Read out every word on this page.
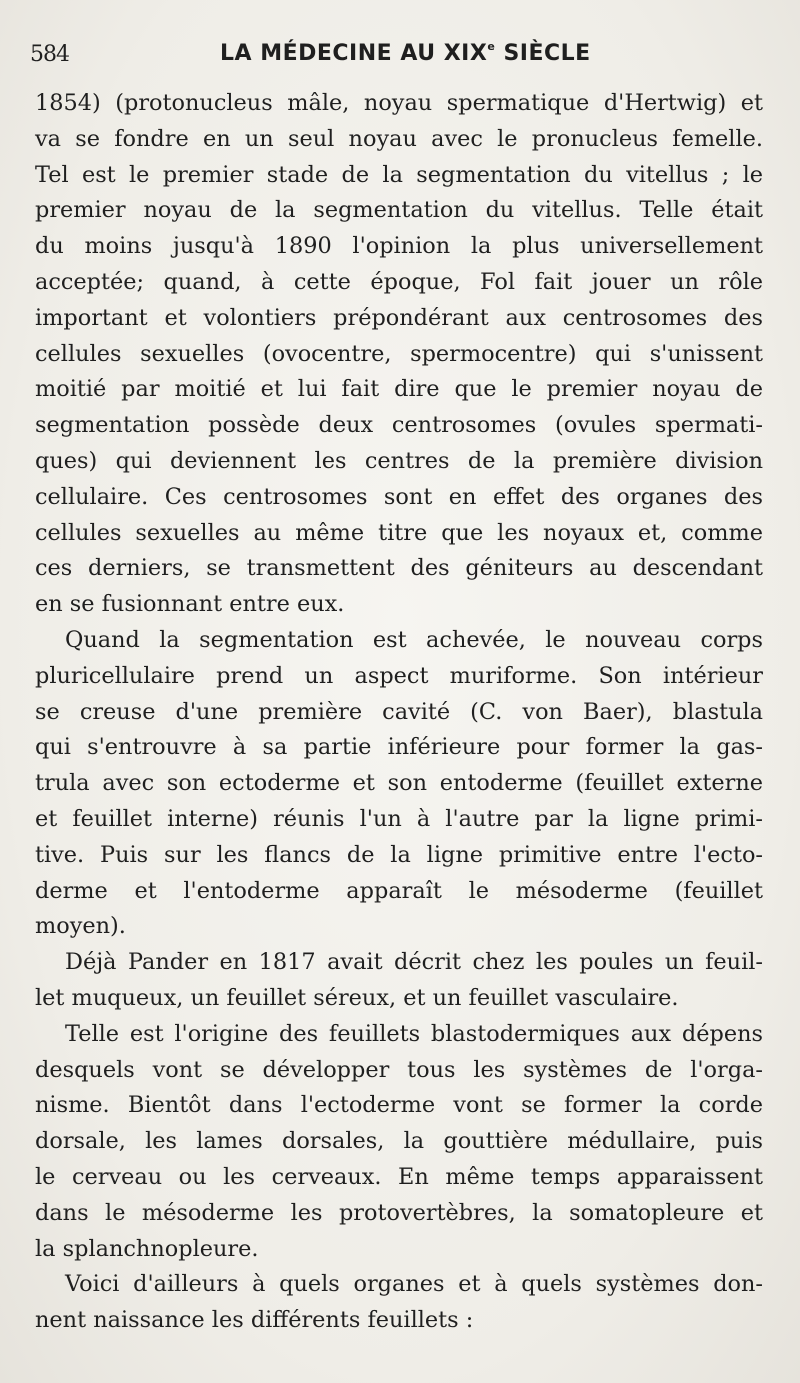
584	LA MÉDECINE AU XIXe SIÈCLE
1854) (protonucleus mâle, noyau spermatique d'Hertwig) et
va se fondre en un seul noyau avec le pronucleus femelle.
Tel est le premier stade de la segmentation du vitellus ; le
premier noyau de la segmentation du vitellus. Telle était
du moins jusqu'à 1890 l'opinion la plus universellement
acceptée; quand, à cette époque, Fol fait jouer un rôle
important et volontiers prépondérant aux centrosomes des
cellules sexuelles (ovocentre, spermocentre) qui s'unissent
moitié par moitié et lui fait dire que le premier noyau de
segmentation possède deux centrosomes (ovules spermati-
ques) qui deviennent les centres de la première division
cellulaire. Ces centrosomes sont en effet des organes des
cellules sexuelles au même titre que les noyaux et, comme
ces derniers, se transmettent des géniteurs au descendant
en se fusionnant entre eux.
Quand la segmentation est achevée, le nouveau corps
pluricellulaire prend un aspect muriforme. Son intérieur
se creuse d'une première cavité (C. von Baer), blastula
qui s'entrouvre à sa partie inférieure pour former la gas-
trula avec son ectoderme et son entoderme (feuillet externe
et feuillet interne) réunis l'un à l'autre par la ligne primi-
tive. Puis sur les flancs de la ligne primitive entre l'ecto-
derme et l'entoderme apparaît le mésoderme (feuillet
moyen).
Déjà Pander en 1817 avait décrit chez les poules un feuil-
let muqueux, un feuillet séreux, et un feuillet vasculaire.
Telle est l'origine des feuillets blastodermiques aux dépens
desquels vont se développer tous les systèmes de l'orga-
nisme. Bientôt dans l'ectoderme vont se former la corde
dorsale, les lames dorsales, la gouttière médullaire, puis
le cerveau ou les cerveaux. En même temps apparaissent
dans le mésoderme les protovertèbres, la somatopleure et
la splanchnopleure.
Voici d'ailleurs à quels organes et à quels systèmes don-
nent naissance les différents feuillets :
